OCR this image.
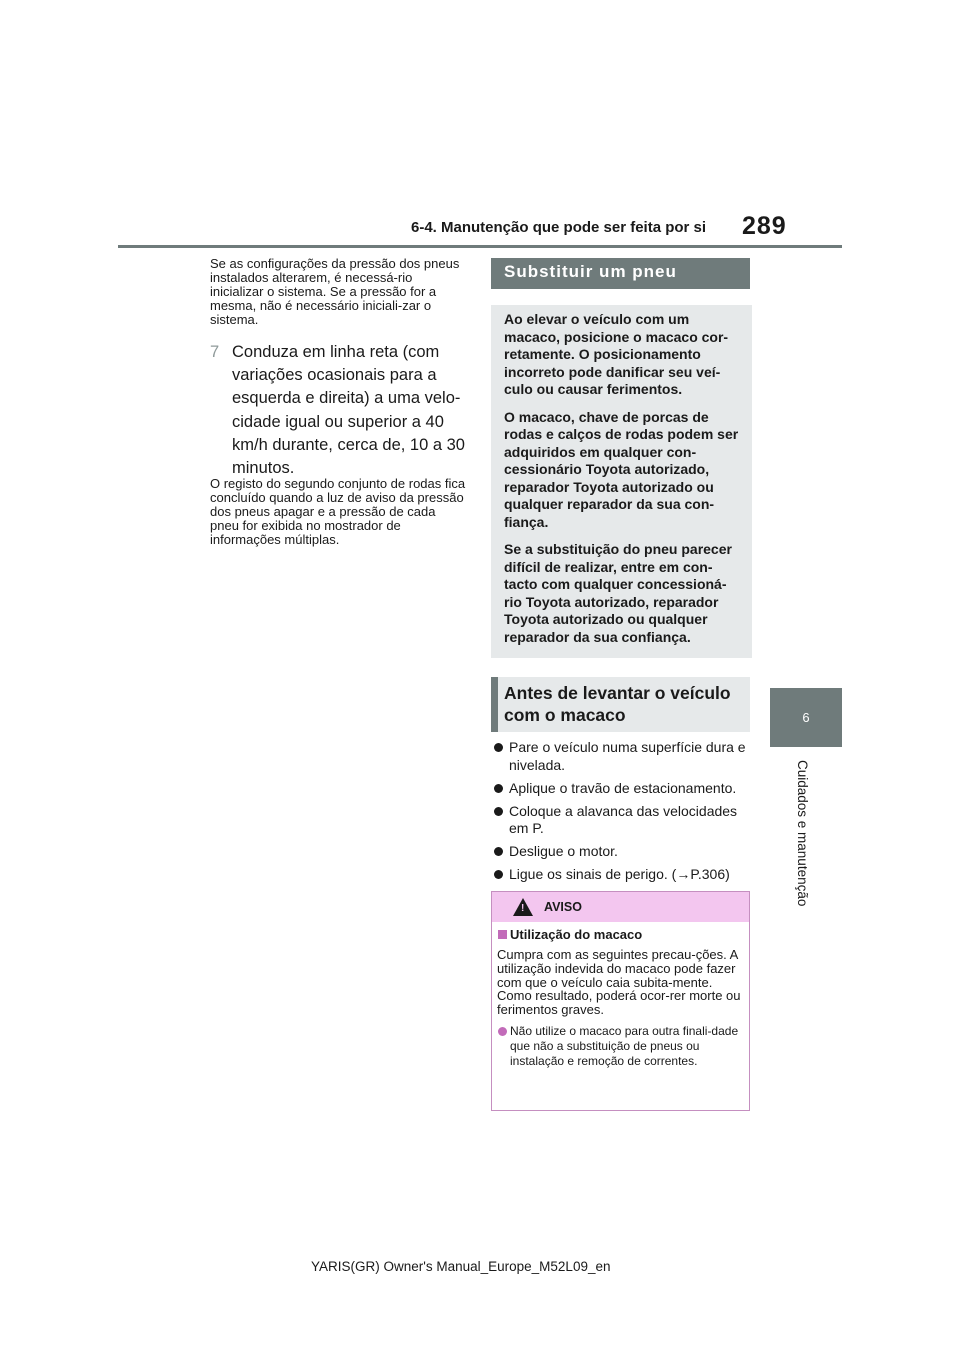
6-4. Manutenção que pode ser feita por si 289
6
Cuidados e manutenção

Se as configurações da pressão dos pneus instalados alterarem, é necessá-rio inicializar o sistema. Se a pressão for a mesma, não é necessário iniciali-zar o sistema.

7 Conduza em linha reta (com variações ocasionais para a esquerda e direita) a uma velo-cidade igual ou superior a 40 km/h durante, cerca de, 10 a 30 minutos.

O registo do segundo conjunto de rodas fica concluído quando a luz de aviso da pressão dos pneus apagar e a pressão de cada pneu for exibida no mostrador de informações múltiplas.

Substituir um pneu

Ao elevar o veículo com um macaco, posicione o macaco cor-retamente. O posicionamento incorreto pode danificar seu veí-culo ou causar ferimentos.

O macaco, chave de porcas de rodas e calços de rodas podem ser adquiridos em qualquer con-cessionário Toyota autorizado, reparador Toyota autorizado ou qualquer reparador da sua con-fiança.

Se a substituição do pneu parecer difícil de realizar, entre em con-tacto com qualquer concessioná-rio Toyota autorizado, reparador Toyota autorizado ou qualquer reparador da sua confiança.

Antes de levantar o veículo com o macaco
Pare o veículo numa superfície dura e nivelada.
Aplique o travão de estacionamento.
Coloque a alavanca das velocidades em P.
Desligue o motor.
Ligue os sinais de perigo. (→P.306)
! AVISO
Utilização do macaco

Cumpra com as seguintes precau-ções. A utilização indevida do macaco pode fazer com que o veículo caia subita-mente. Como resultado, poderá ocor-rer morte ou ferimentos graves.

Não utilize o macaco para outra finali-dade que não a substituição de pneus ou instalação e remoção de correntes.
YARIS(GR) Owner's Manual_Europe_M52L09_en
